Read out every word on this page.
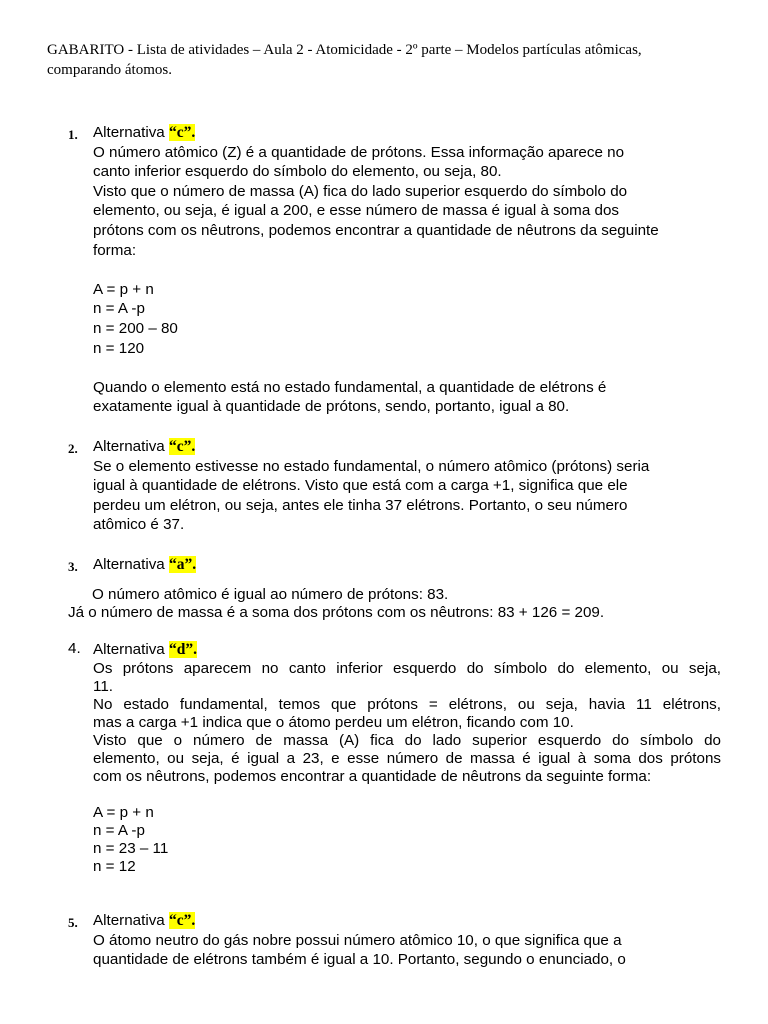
GABARITO - Lista de atividades – Aula 2 - Atomicidade - 2º parte – Modelos partículas atômicas,
comparando átomos.
1. Alternativa “c”.
O número atômico (Z) é a quantidade de prótons. Essa informação aparece no
canto inferior esquerdo do símbolo do elemento, ou seja, 80.
Visto que o número de massa (A) fica do lado superior esquerdo do símbolo do
elemento, ou seja, é igual a 200, e esse número de massa é igual à soma dos
prótons com os nêutrons, podemos encontrar a quantidade de nêutrons da seguinte
forma:

A = p + n
n = A -p
n = 200 – 80
n = 120

Quando o elemento está no estado fundamental, a quantidade de elétrons é
exatamente igual à quantidade de prótons, sendo, portanto, igual a 80.
2. Alternativa “c”.
Se o elemento estivesse no estado fundamental, o número atômico (prótons) seria
igual à quantidade de elétrons. Visto que está com a carga +1, significa que ele
perdeu um elétron, ou seja, antes ele tinha 37 elétrons. Portanto, o seu número
atômico é 37.
3. Alternativa “a”.
O número atômico é igual ao número de prótons: 83.
Já o número de massa é a soma dos prótons com os nêutrons: 83 + 126 = 209.
4. Alternativa “d”.
Os prótons aparecem no canto inferior esquerdo do símbolo do elemento, ou seja,
11.
No estado fundamental, temos que prótons = elétrons, ou seja, havia 11 elétrons,
mas a carga +1 indica que o átomo perdeu um elétron, ficando com 10.
Visto que o número de massa (A) fica do lado superior esquerdo do símbolo do
elemento, ou seja, é igual a 23, e esse número de massa é igual à soma dos prótons
com os nêutrons, podemos encontrar a quantidade de nêutrons da seguinte forma:

A = p + n
n = A -p
n = 23 – 11
n = 12
5. Alternativa “c”.
O átomo neutro do gás nobre possui número atômico 10, o que significa que a
quantidade de elétrons também é igual a 10. Portanto, segundo o enunciado, o
